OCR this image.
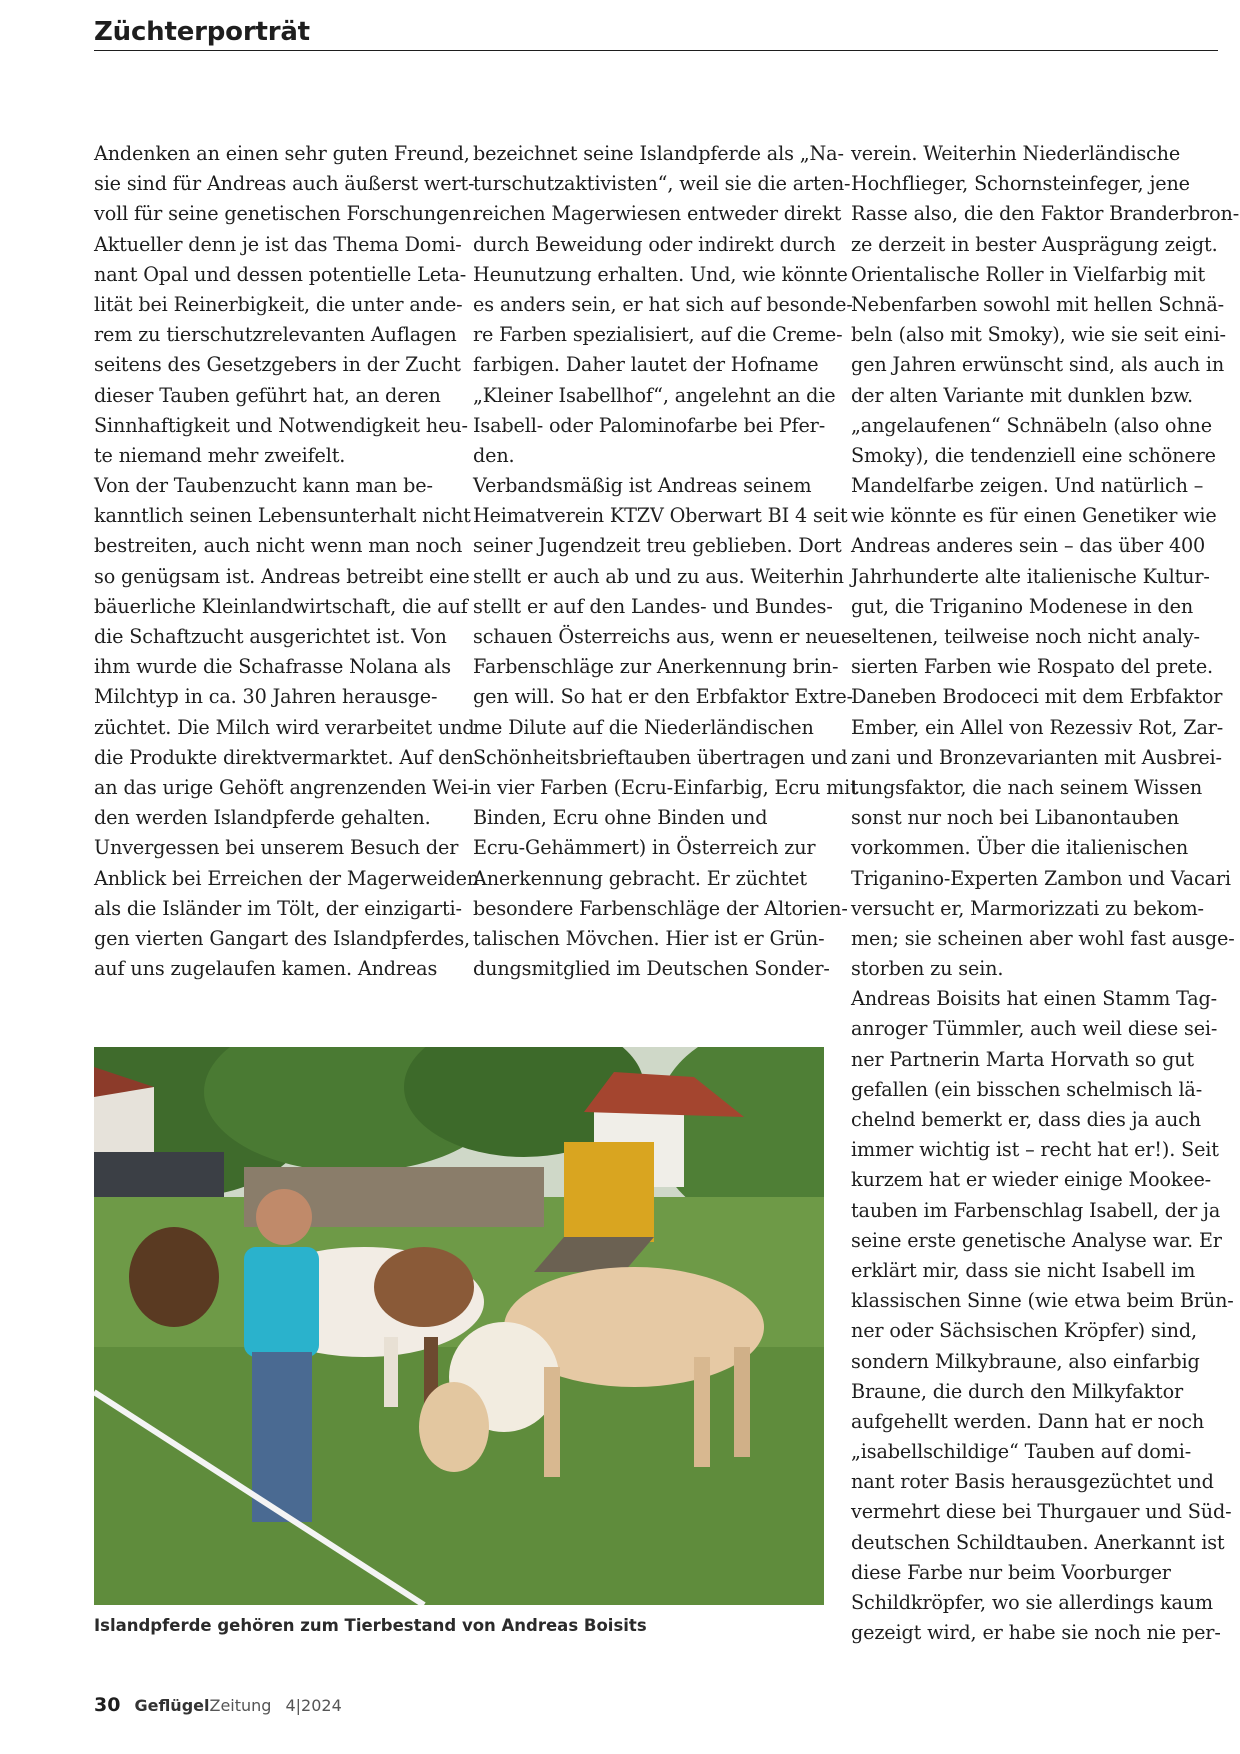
Züchterporträt
Andenken an einen sehr guten Freund,
sie sind für Andreas auch äußerst wert-
voll für seine genetischen Forschungen.
Aktueller denn je ist das Thema Domi-
nant Opal und dessen potentielle Leta-
lität bei Reinerbigkeit, die unter ande-
rem zu tierschutzrelevanten Auflagen
seitens des Gesetzgebers in der Zucht
dieser Tauben geführt hat, an deren
Sinnhaftigkeit und Notwendigkeit heu-
te niemand mehr zweifelt.
Von der Taubenzucht kann man be-
kanntlich seinen Lebensunterhalt nicht
bestreiten, auch nicht wenn man noch
so genügsam ist. Andreas betreibt eine
bäuerliche Kleinlandwirtschaft, die auf
die Schaftzucht ausgerichtet ist. Von
ihm wurde die Schafrasse Nolana als
Milchtyp in ca. 30 Jahren herausge-
züchtet. Die Milch wird verarbeitet und
die Produkte direktvermarktet. Auf den
an das urige Gehöft angrenzenden Wei-
den werden Islandpferde gehalten.
Unvergessen bei unserem Besuch der
Anblick bei Erreichen der Magerweiden
als die Isländer im Tölt, der einzigarti-
gen vierten Gangart des Islandpferdes,
auf uns zugelaufen kamen. Andreas
bezeichnet seine Islandpferde als „Na-
turschutzaktivisten“, weil sie die arten-
reichen Magerwiesen entweder direkt
durch Beweidung oder indirekt durch
Heunutzung erhalten. Und, wie könnte
es anders sein, er hat sich auf besonde-
re Farben spezialisiert, auf die Creme-
farbigen. Daher lautet der Hofname
„Kleiner Isabellhof“, angelehnt an die
Isabell- oder Palominofarbe bei Pfer-
den.
Verbandsmäßig ist Andreas seinem
Heimatverein KTZV Oberwart BI 4 seit
seiner Jugendzeit treu geblieben. Dort
stellt er auch ab und zu aus. Weiterhin
stellt er auf den Landes- und Bundes-
schauen Österreichs aus, wenn er neue
Farbenschläge zur Anerkennung brin-
gen will. So hat er den Erbfaktor Extre-
me Dilute auf die Niederländischen
Schönheitsbrieftauben übertragen und
in vier Farben (Ecru-Einfarbig, Ecru mit
Binden, Ecru ohne Binden und
Ecru-Gehämmert) in Österreich zur
Anerkennung gebracht. Er züchtet
besondere Farbenschläge der Altorien-
talischen Mövchen. Hier ist er Grün-
dungsmitglied im Deutschen Sonder-
verein. Weiterhin Niederländische
Hochflieger, Schornsteinfeger, jene
Rasse also, die den Faktor Branderbron-
ze derzeit in bester Ausprägung zeigt.
Orientalische Roller in Vielfarbig mit
Nebenfarben sowohl mit hellen Schnä-
beln (also mit Smoky), wie sie seit eini-
gen Jahren erwünscht sind, als auch in
der alten Variante mit dunklen bzw.
„angelaufenen“ Schnäbeln (also ohne
Smoky), die tendenziell eine schönere
Mandelfarbe zeigen. Und natürlich –
wie könnte es für einen Genetiker wie
Andreas anderes sein – das über 400
Jahrhunderte alte italienische Kultur-
gut, die Triganino Modenese in den
seltenen, teilweise noch nicht analy-
sierten Farben wie Rospato del prete.
Daneben Brodoceci mit dem Erbfaktor
Ember, ein Allel von Rezessiv Rot, Zar-
zani und Bronzevarianten mit Ausbrei-
tungsfaktor, die nach seinem Wissen
sonst nur noch bei Libanontauben
vorkommen. Über die italienischen
Triganino-Experten Zambon und Vacari
versucht er, Marmorizzati zu bekom-
men; sie scheinen aber wohl fast ausge-
storben zu sein.
Andreas Boisits hat einen Stamm Tag-
anroger Tümmler, auch weil diese sei-
ner Partnerin Marta Horvath so gut
gefallen (ein bisschen schelmisch lä-
chelnd bemerkt er, dass dies ja auch
immer wichtig ist – recht hat er!). Seit
kurzem hat er wieder einige Mookee-
tauben im Farbenschlag Isabell, der ja
seine erste genetische Analyse war. Er
erklärt mir, dass sie nicht Isabell im
klassischen Sinne (wie etwa beim Brün-
ner oder Sächsischen Kröpfer) sind,
sondern Milkybraune, also einfarbig
Braune, die durch den Milkyfaktor
aufgehellt werden. Dann hat er noch
„isabellschildige“ Tauben auf domi-
nant roter Basis herausgezüchtet und
vermehrt diese bei Thurgauer und Süd-
deutschen Schildtauben. Anerkannt ist
diese Farbe nur beim Voorburger
Schildkröpfer, wo sie allerdings kaum
gezeigt wird, er habe sie noch nie per-
Islandpferde gehören zum Tierbestand von Andreas Boisits
30 GeflügelZeitung 4|2024
